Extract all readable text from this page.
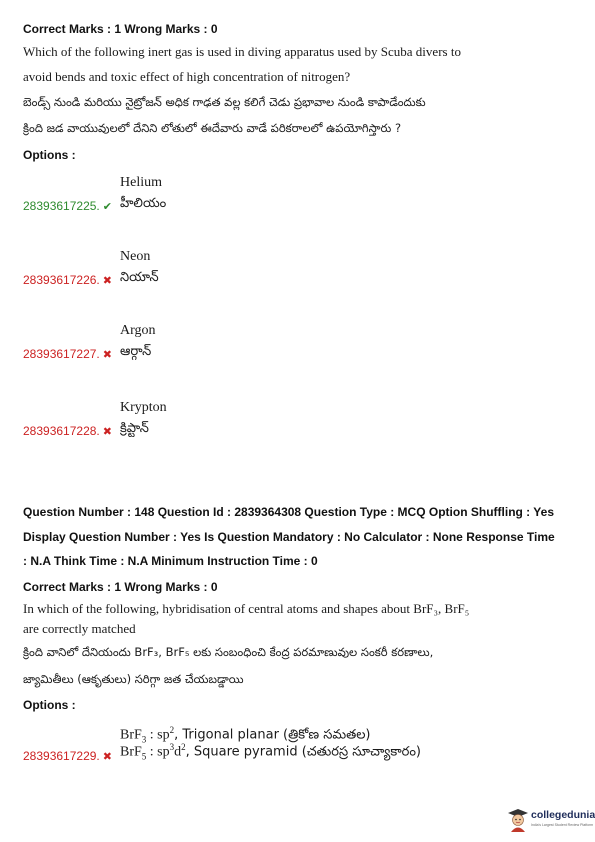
Correct Marks : 1 Wrong Marks : 0
Which of the following inert gas is used in diving apparatus used by Scuba divers to
avoid bends and toxic effect of high concentration of nitrogen?
బెండ్స్ నుండి మరియు నైట్రోజన్ అధిక గాఢత వల్ల కలిగే చెడు ప్రభావాల నుండి కాపాడేందుకు
క్రింది జడ వాయువులలో దేనిని లోతులో ఈదేవారు వాడే పరికరాలలో ఉపయోగిస్తారు ?
Options :
Helium
28393617225. ✔ హీలియం
Neon
28393617226. ✖ నియాన్
Argon
28393617227. ✖ ఆర్గాన్
Krypton
28393617228. ✖ క్రిప్టాన్
Question Number : 148 Question Id : 2839364308 Question Type : MCQ Option Shuffling : Yes
Display Question Number : Yes Is Question Mandatory : No Calculator : None Response Time
: N.A Think Time : N.A Minimum Instruction Time : 0
Correct Marks : 1 Wrong Marks : 0
In which of the following, hybridisation of central atoms and shapes about BrF₃, BrF₅
are correctly matched
క్రింది వానిలో దేనియందు BrF₃, BrF₅ లకు సంబంధించి కేంద్ర పరమాణువుల సంకరీ కరణాలు,
జ్యామితీలు (ఆకృతులు) సరిగ్గా జత చేయబడ్డాయి
Options :
BrF$_3$ : $sp^2$, Trigonal planar (త్రికోణ సమతల)
28393617229. ✖ BrF$_5$ : $sp^3d^2$, Square pyramid (చతురస్ర సూచ్యాకారం)
collegedunia
India's Largest Student Review Platform
